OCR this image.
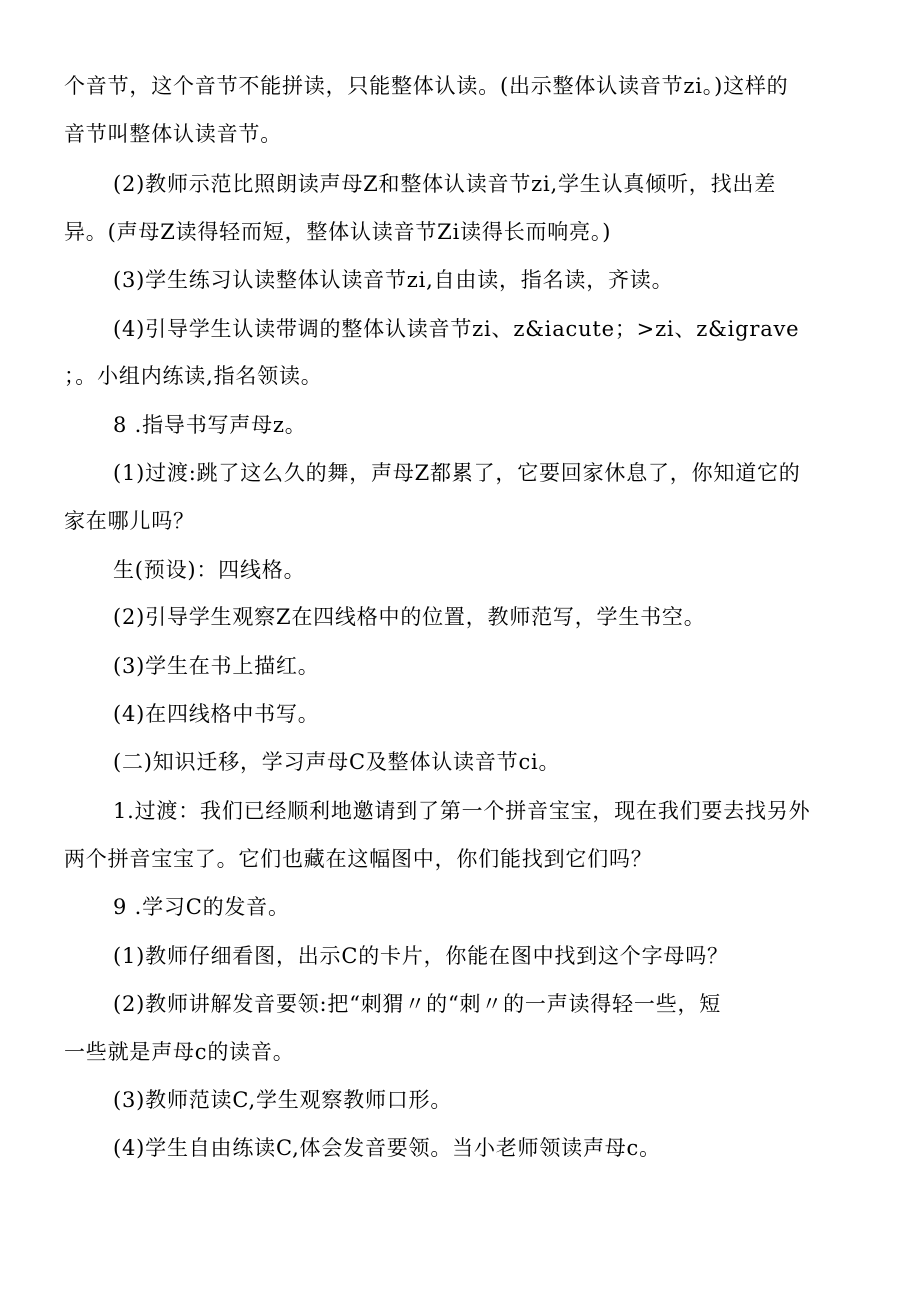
个音节，这个音节不能拼读，只能整体认读。(出示整体认读音节zi。)这样的
音节叫整体认读音节。
(2)教师示范比照朗读声母Z和整体认读音节zi,学生认真倾听，找出差
异。(声母Z读得轻而短，整体认读音节Zi读得长而响亮。)
(3)学生练习认读整体认读音节zi,自由读，指名读，齐读。
(4)引导学生认读带调的整体认读音节zi、z&iacute；>zi、z&igrave
；。小组内练读,指名领读。
8 .指导书写声母z。
(1)过渡:跳了这么久的舞，声母Z都累了，它要回家休息了，你知道它的
家在哪儿吗？
生(预设)：四线格。
(2)引导学生观察Z在四线格中的位置，教师范写，学生书空。
(3)学生在书上描红。
(4)在四线格中书写。
(二)知识迁移，学习声母C及整体认读音节ci。
1.过渡：我们已经顺利地邀请到了第一个拼音宝宝，现在我们要去找另外
两个拼音宝宝了。它们也藏在这幅图中，你们能找到它们吗？
9 .学习C的发音。
(1)教师仔细看图，出示C的卡片，你能在图中找到这个字母吗？
(2)教师讲解发音要领:把“刺猬〃的“刺〃的一声读得轻一些，短
一些就是声母c的读音。
(3)教师范读C,学生观察教师口形。
(4)学生自由练读C,体会发音要领。当小老师领读声母c。
